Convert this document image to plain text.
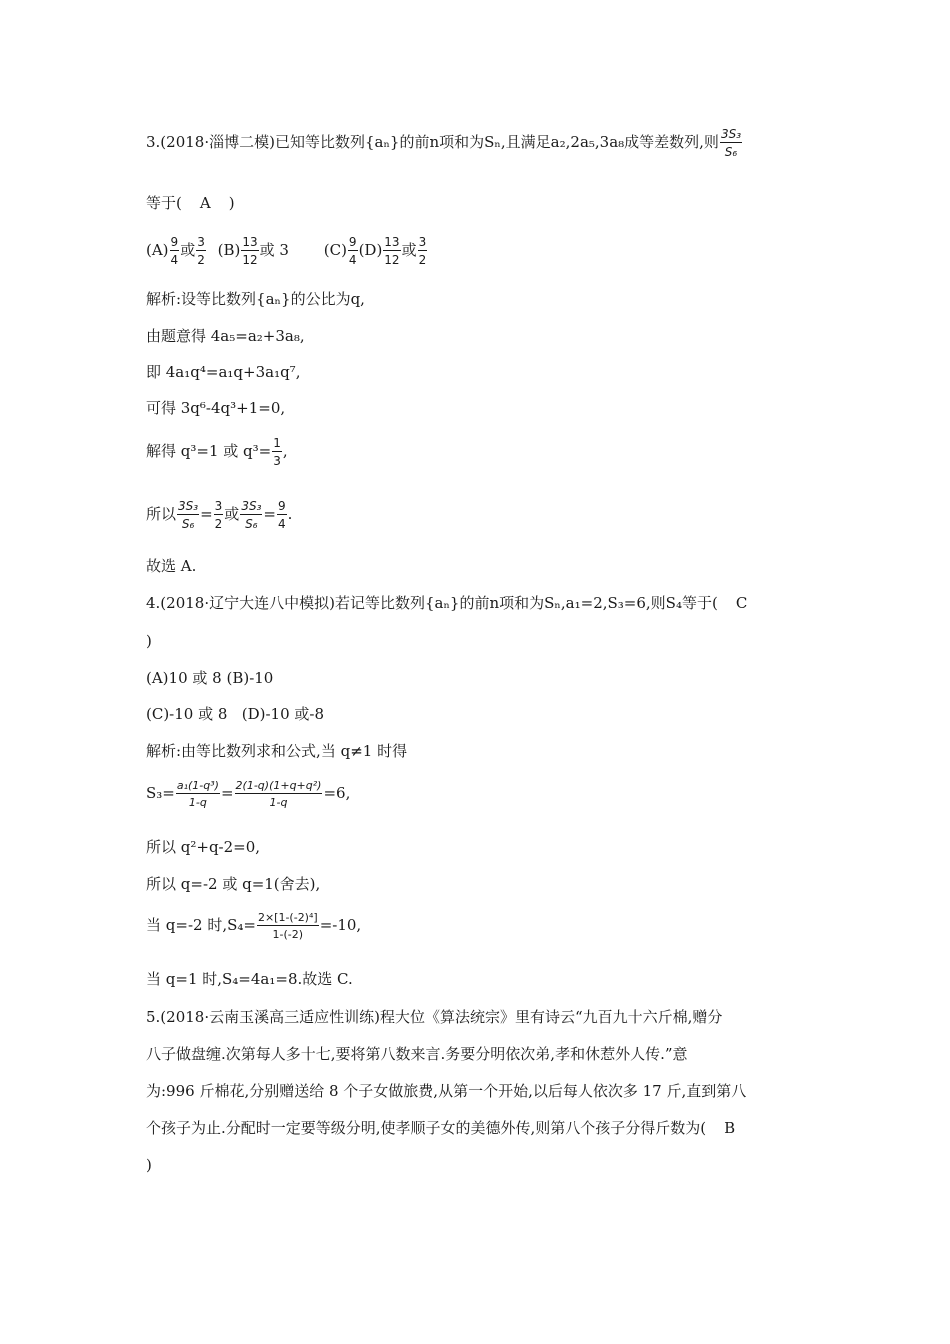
3.(2018·淄博二模)已知等比数列{aₙ}的前n项和为Sₙ,且满足a₂,2a₅,3a₈成等差数列,则 $\frac{\text{3S₃}}{\text{S₆}}$
等于( A )
$(A) \frac{9}{4}$ 或 $\frac{3}{2} (B) \frac{13}{12}$ 或 3 $(C) \frac{9}{4} (D) \frac{13}{12}$ 或 $\frac{3}{2}$
解析:设等比数列{aₙ}的公比为q,
由题意得 4a₅=a₂+3a₈,
即 4a₁q⁴=a₁q+3a₁q⁷,
可得 3q⁶-4q³+1=0,
解得 q³=1 或 $q^3= \frac{1}{3}$ ,
所以 $\frac{\text{3S₃}}{\text{S₆}} = \frac{3}{2}$ 或 $\frac{\text{3S₃}}{\text{S₆}} = \frac{9}{4}$ .
故选 A.
4.(2018·辽宁大连八中模拟)若记等比数列{aₙ}的前n项和为Sₙ,a₁=2,S₃=6,则S₄等于( C
)
(A)10 或 8 (B)-10
(C)-10 或 8   (D)-10 或-8
解析:由等比数列求和公式,当 q≠1 时得
$S_3= \frac{\text{a₁(1-q³)}}{1-q} = \frac{\text{2(1-q)(1+q+q²)}}{1-q} =6$,
所以 q²+q-2=0,
所以 q=-2 或 q=1(舍去),
当 q=-2 时$,S_4= \frac{\text{2×[1-(-2)⁴]}}{1-(-2)} =-10$,
当 q=1 时,S₄=4a₁=8.故选 C.
5.(2018·云南玉溪高三适应性训练)程大位《算法统宗》里有诗云“九百九十六斤棉,赠分
八子做盘缠.次第每人多十七,要将第八数来言.务要分明依次弟,孝和休惹外人传.”意
为:996 斤棉花,分别赠送给 8 个子女做旅费,从第一个开始,以后每人依次多 17 斤,直到第八
个孩子为止.分配时一定要等级分明,使孝顺子女的美德外传,则第八个孩子分得斤数为( B
)
